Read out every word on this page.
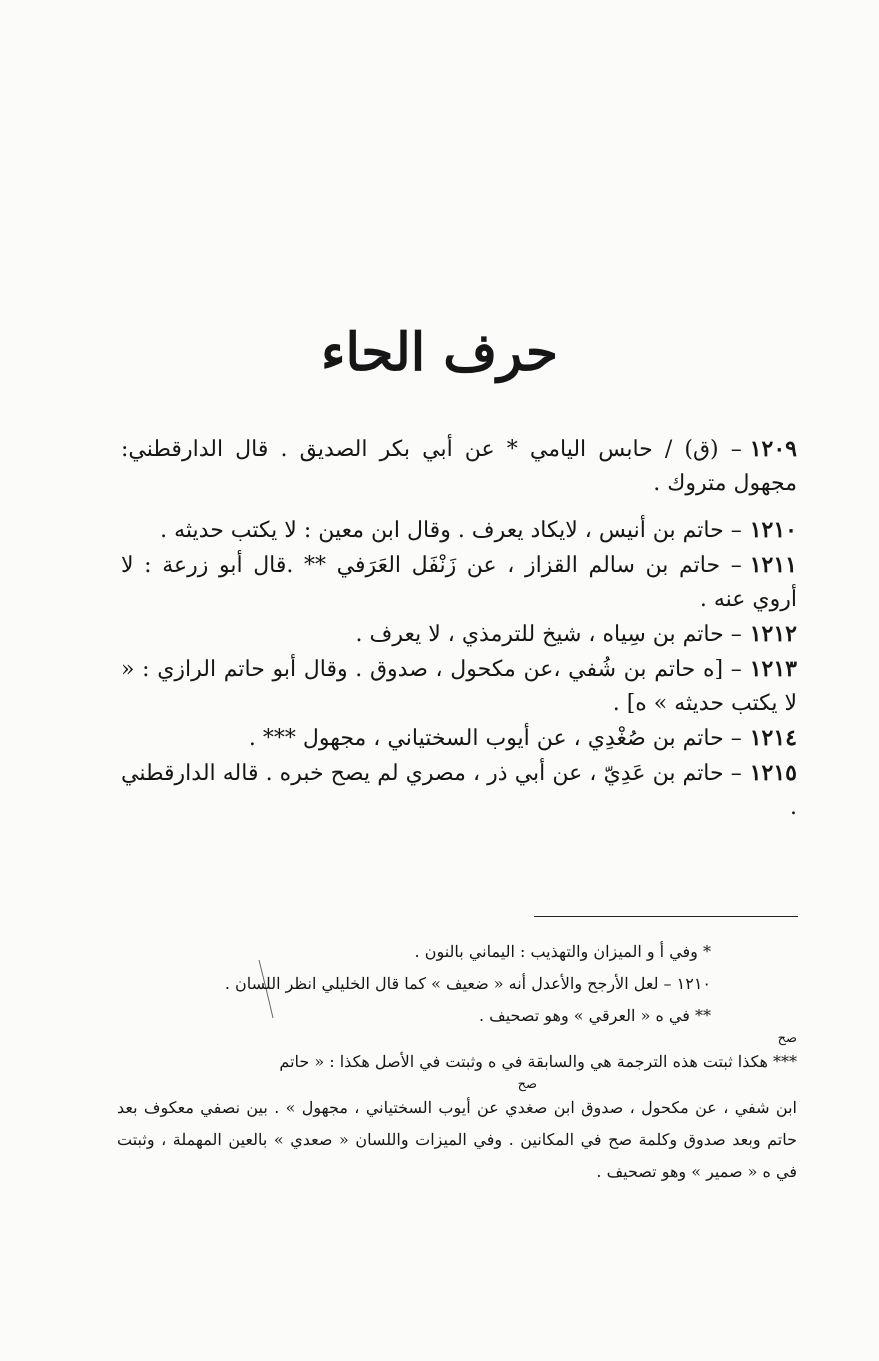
حرف الحاء

١٢٠٩– (ق) / حابس اليامي * عن أبي بكر الصديق . قال الدارقطني: مجهول متروك .

١٢١٠– حاتم بن أنيس ، لايكاد يعرف . وقال ابن معين : لا يكتب حديثه .

١٢١١– حاتم بن سالم القزاز ، عن زَنْفَل العَرَفي ** .قال أبو زرعة : لا أروي عنه .

١٢١٢– حاتم بن سِياه ، شيخ للترمذي ، لا يعرف .

١٢١٣– [ه حاتم بن شُفي ،عن مكحول ، صدوق . وقال أبو حاتم الرازي : « لا يكتب حديثه » ه] .

١٢١٤– حاتم بن صُغْدِي ، عن أيوب السختياني ، مجهول *** .

١٢١٥– حاتم بن عَدِيّ ، عن أبي ذر ، مصري لم يصح خبره . قاله الدارقطني .

* وفي أ و الميزان والتهذيب : اليماني بالنون .

١٢١٠ – لعل الأرجح والأعدل أنه « ضعيف » كما قال الخليلي انظر اللسان .

** في ه « العرقي » وهو تصحيف .

صح

*** هكذا ثبتت هذه الترجمة هي والسابقة في ه وثبتت في الأصل هكذا : « حاتم

صح

ابن شفي ، عن مكحول ، صدوق ابن صغدي عن أيوب السختياني ، مجهول » . بين نصفي معكوف بعد حاتم وبعد صدوق وكلمة صح في المكانين . وفي الميزات واللسان « صعدي » بالعين المهملة ، وثبتت في ه « صمير » وهو تصحيف .
